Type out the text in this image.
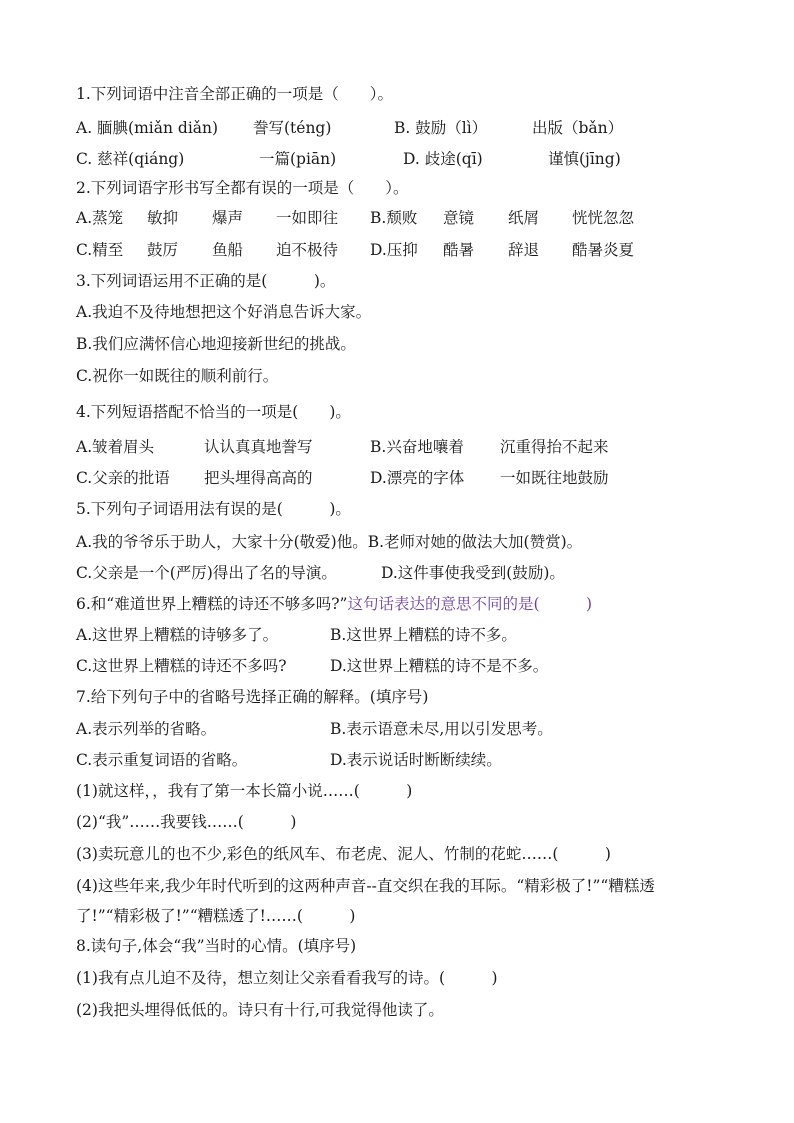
1.下列词语中注音全部正确的一项是（　　）。
A. 腼腆(miǎn diǎn) 誊写(téng)	B. 鼓励（lì）	出版（bǎn）
C. 慈祥(qiáng)	一篇(piān)	D. 歧途(qī)	谨慎(jīng)
2.下列词语字形书写全都有误的一项是（　　）。
A.蒸笼 敏抑 爆声 一如即往 B.颓败 意镜 纸屑 恍恍忽忽
C.精至 鼓厉 鱼船 迫不极待 D.压抑 酷暑 辞退 酷暑炎夏
3.下列词语运用不正确的是(　　　)。
A.我迫不及待地想把这个好消息告诉大家。
B.我们应满怀信心地迎接新世纪的挑战。
C.祝你一如既往的顺利前行。
4.下列短语搭配不恰当的一项是(　　)。
A.皱着眉头	认认真真地誊写	B.兴奋地嚷着 沉重得抬不起来
C.父亲的批语 把头埋得高高的	D.漂亮的字体 一如既往地鼓励
5.下列句子词语用法有误的是(　　　)。
A.我的爷爷乐于助人，大家十分(敬爱)他。B.老师对她的做法大加(赞赏)。
C.父亲是一个(严厉)得出了名的导演。	D.这件事使我受到(鼓励)。
6.和“难道世界上糟糕的诗还不够多吗?”这句话表达的意思不同的是(　　　)
A.这世界上糟糕的诗够多了。	B.这世界上糟糕的诗不多。
C.这世界上糟糕的诗还不多吗?	D.这世界上糟糕的诗不是不多。
7.给下列句子中的省略号选择正确的解释。(填序号)
A.表示列举的省略。	B.表示语意未尽,用以引发思考。
C.表示重复词语的省略。	D.表示说话时断断续续。
(1)就这样，，我有了第一本长篇小说……(　　　)
(2)“我”……我要钱……(　　　)
(3)卖玩意儿的也不少,彩色的纸风车、布老虎、泥人、竹制的花蛇……(　　　)
(4)这些年来,我少年时代听到的这两种声音--直交织在我的耳际。“精彩极了!”“糟糕透
了!”“精彩极了!”“糟糕透了!……(　　　)
8.读句子,体会“我”当时的心情。(填序号)
(1)我有点儿迫不及待，想立刻让父亲看看我写的诗。(　　　)
(2)我把头埋得低低的。诗只有十行,可我觉得他读了。
